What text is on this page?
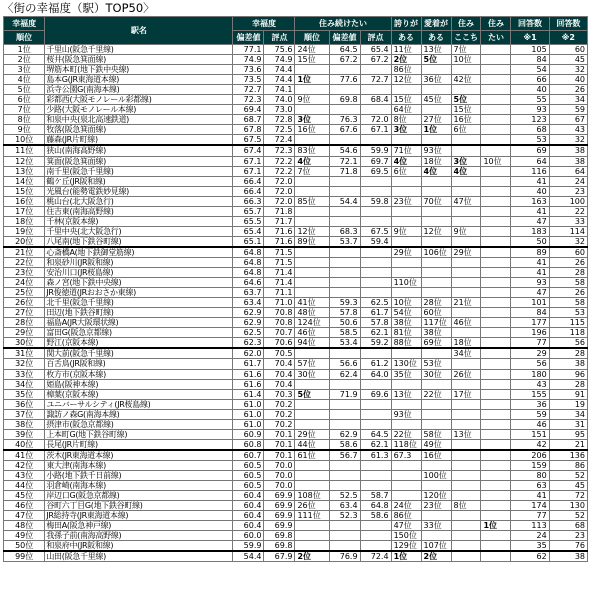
〈街の幸福度（駅）TOP50〉
幸福度	駅名	幸福度		住み続けたい			誇りが	愛着が	住み	住み	回答数	回答数
順位		偏差値	評点	順位	偏差値	評点	ある	ある	ここち	たい	※1	※2
1位	千里山(阪急千里線)	77.1	75.6	24位	64.5	65.4	11位	13位	7位		105	60
2位	桜井(阪急箕面線)	74.9	74.9	15位	67.2	67.2	2位	5位	10位		84	45
3位	堺筋本町(地下鉄中央線)	73.6	74.4				86位				54	32
4位	島本G(JR東海道本線)	73.5	74.4	1位	77.6	72.7	12位	36位	42位		66	40
5位	浜寺公園G(南海本線)	72.7	74.1								40	26
6位	彩都西(大阪モノレール彩都線)	72.3	74.0	9位	69.8	68.4	15位	45位	5位		55	34
7位	少路(大阪モノレール本線)	69.4	73.0				64位		15位		93	59
8位	和泉中央(泉北高速鉄道)	68.7	72.8	3位	76.3	72.0	8位	27位	16位		123	67
9位	牧落(阪急箕面線)	67.8	72.5	16位	67.6	67.1	3位	1位	6位		68	43
10位	藤森(JR片町線)	67.5	72.4								53	32
11位	狭山(南海高野線)	67.4	72.3	83位	54.6	59.9	71位	93位			69	38
12位	箕面(阪急箕面線)	67.1	72.2	4位	72.1	69.7	4位	18位	3位	10位	64	38
13位	南千里(阪急千里線)	67.1	72.2	7位	71.8	69.5	6位	4位	4位		116	64
14位	鶴ケ丘(JR阪和線)	66.4	72.0								41	24
15位	光風台(能勢電鉄妙見線)	66.4	72.0								40	23
16位	桃山台(北大阪急行)	66.3	72.0	85位	54.4	59.8	23位	70位	47位		163	100
17位	住吉東(南海高野線)	65.7	71.8								41	22
18位	千林(京阪本線)	65.5	71.7								47	33
19位	千里中央(北大阪急行)	65.4	71.6	12位	68.3	67.5	9位	12位	9位		183	114
20位	八尾南(地下鉄谷町線)	65.1	71.6	89位	53.7	59.4					50	32
21位	心斎橋A(地下鉄御堂筋線)	64.8	71.5				29位	106位	29位		89	60
22位	和泉砂川(JR阪和線)	64.8	71.5								41	26
23位	安治川口(JR桜島線)	64.8	71.4								41	28
24位	森ノ宮(地下鉄中央線)	64.6	71.4				110位				93	58
25位	JR俊徳道(JRおおさか東線)	63.7	71.1								47	26
26位	北千里(阪急千里線)	63.4	71.0	41位	59.3	62.5	10位	28位	21位		101	58
27位	田辺(地下鉄谷町線)	62.9	70.8	48位	57.8	61.7	54位	60位			84	53
28位	福島A(JR大阪環状線)	62.9	70.8	124位	50.6	57.8	38位	117位	46位		177	115
29位	富田G(阪急京都線)	62.5	70.7	46位	58.5	62.1	81位	38位			196	118
30位	野江(京阪本線)	62.3	70.6	94位	53.4	59.2	88位	69位	18位		77	56
31位	関大前(阪急千里線)	62.0	70.5						34位		29	28
32位	百舌鳥(JR阪和線)	61.7	70.4	57位	56.6	61.2	130位	53位			56	38
33位	枚方市(京阪本線)	61.6	70.4	30位	62.4	64.0	35位	30位	26位		180	96
34位	姫島(阪神本線)	61.6	70.4								43	28
35位	樟葉(京阪本線)	61.4	70.3	5位	71.9	69.6	13位	22位	17位		155	91
36位	ユニバーサルシティ(JR桜島線)	61.0	70.2								36	19
37位	諏訪ノ森G(南海本線)	61.0	70.2				93位				59	34
38位	摂津市(阪急京都線)	61.0	70.2								46	31
39位	上本町G(地下鉄谷町線)	60.9	70.1	29位	62.9	64.5	22位	58位	13位		151	95
40位	長尾(JR片町線)	60.8	70.1	44位	58.6	62.1	118位	49位			42	21
41位	茨木(JR東海道本線)	60.7	70.1	61位	56.7	61.3	67.3	16位			206	136
42位	東大津(南海本線)	60.5	70.0								159	86
43位	小路(地下鉄千日前線)	60.5	70.0					100位			80	52
44位	羽倉崎(南海本線)	60.5	70.0								63	45
45位	岸辺口G(阪急京都線)	60.4	69.9	108位	52.5	58.7		120位			41	72
46位	谷町六丁目G(地下鉄谷町線)	60.4	69.9	26位	63.4	64.8	24位	23位	8位		174	130
47位	JR総持寺(JR東海道本線)	60.4	69.9	111位	52.3	58.6	86位				77	52
48位	梅田A(阪急神戸線)	60.4	69.9				47位	33位		1位	113	68
49位	我孫子前(南海高野線)	60.0	69.8				150位				24	23
50位	和泉府中(JR阪和線)	59.9	69.8				129位	107位			35	76
99位	山田(阪急千里線)	54.4	67.9	2位	76.9	72.4	1位	2位			62	38
